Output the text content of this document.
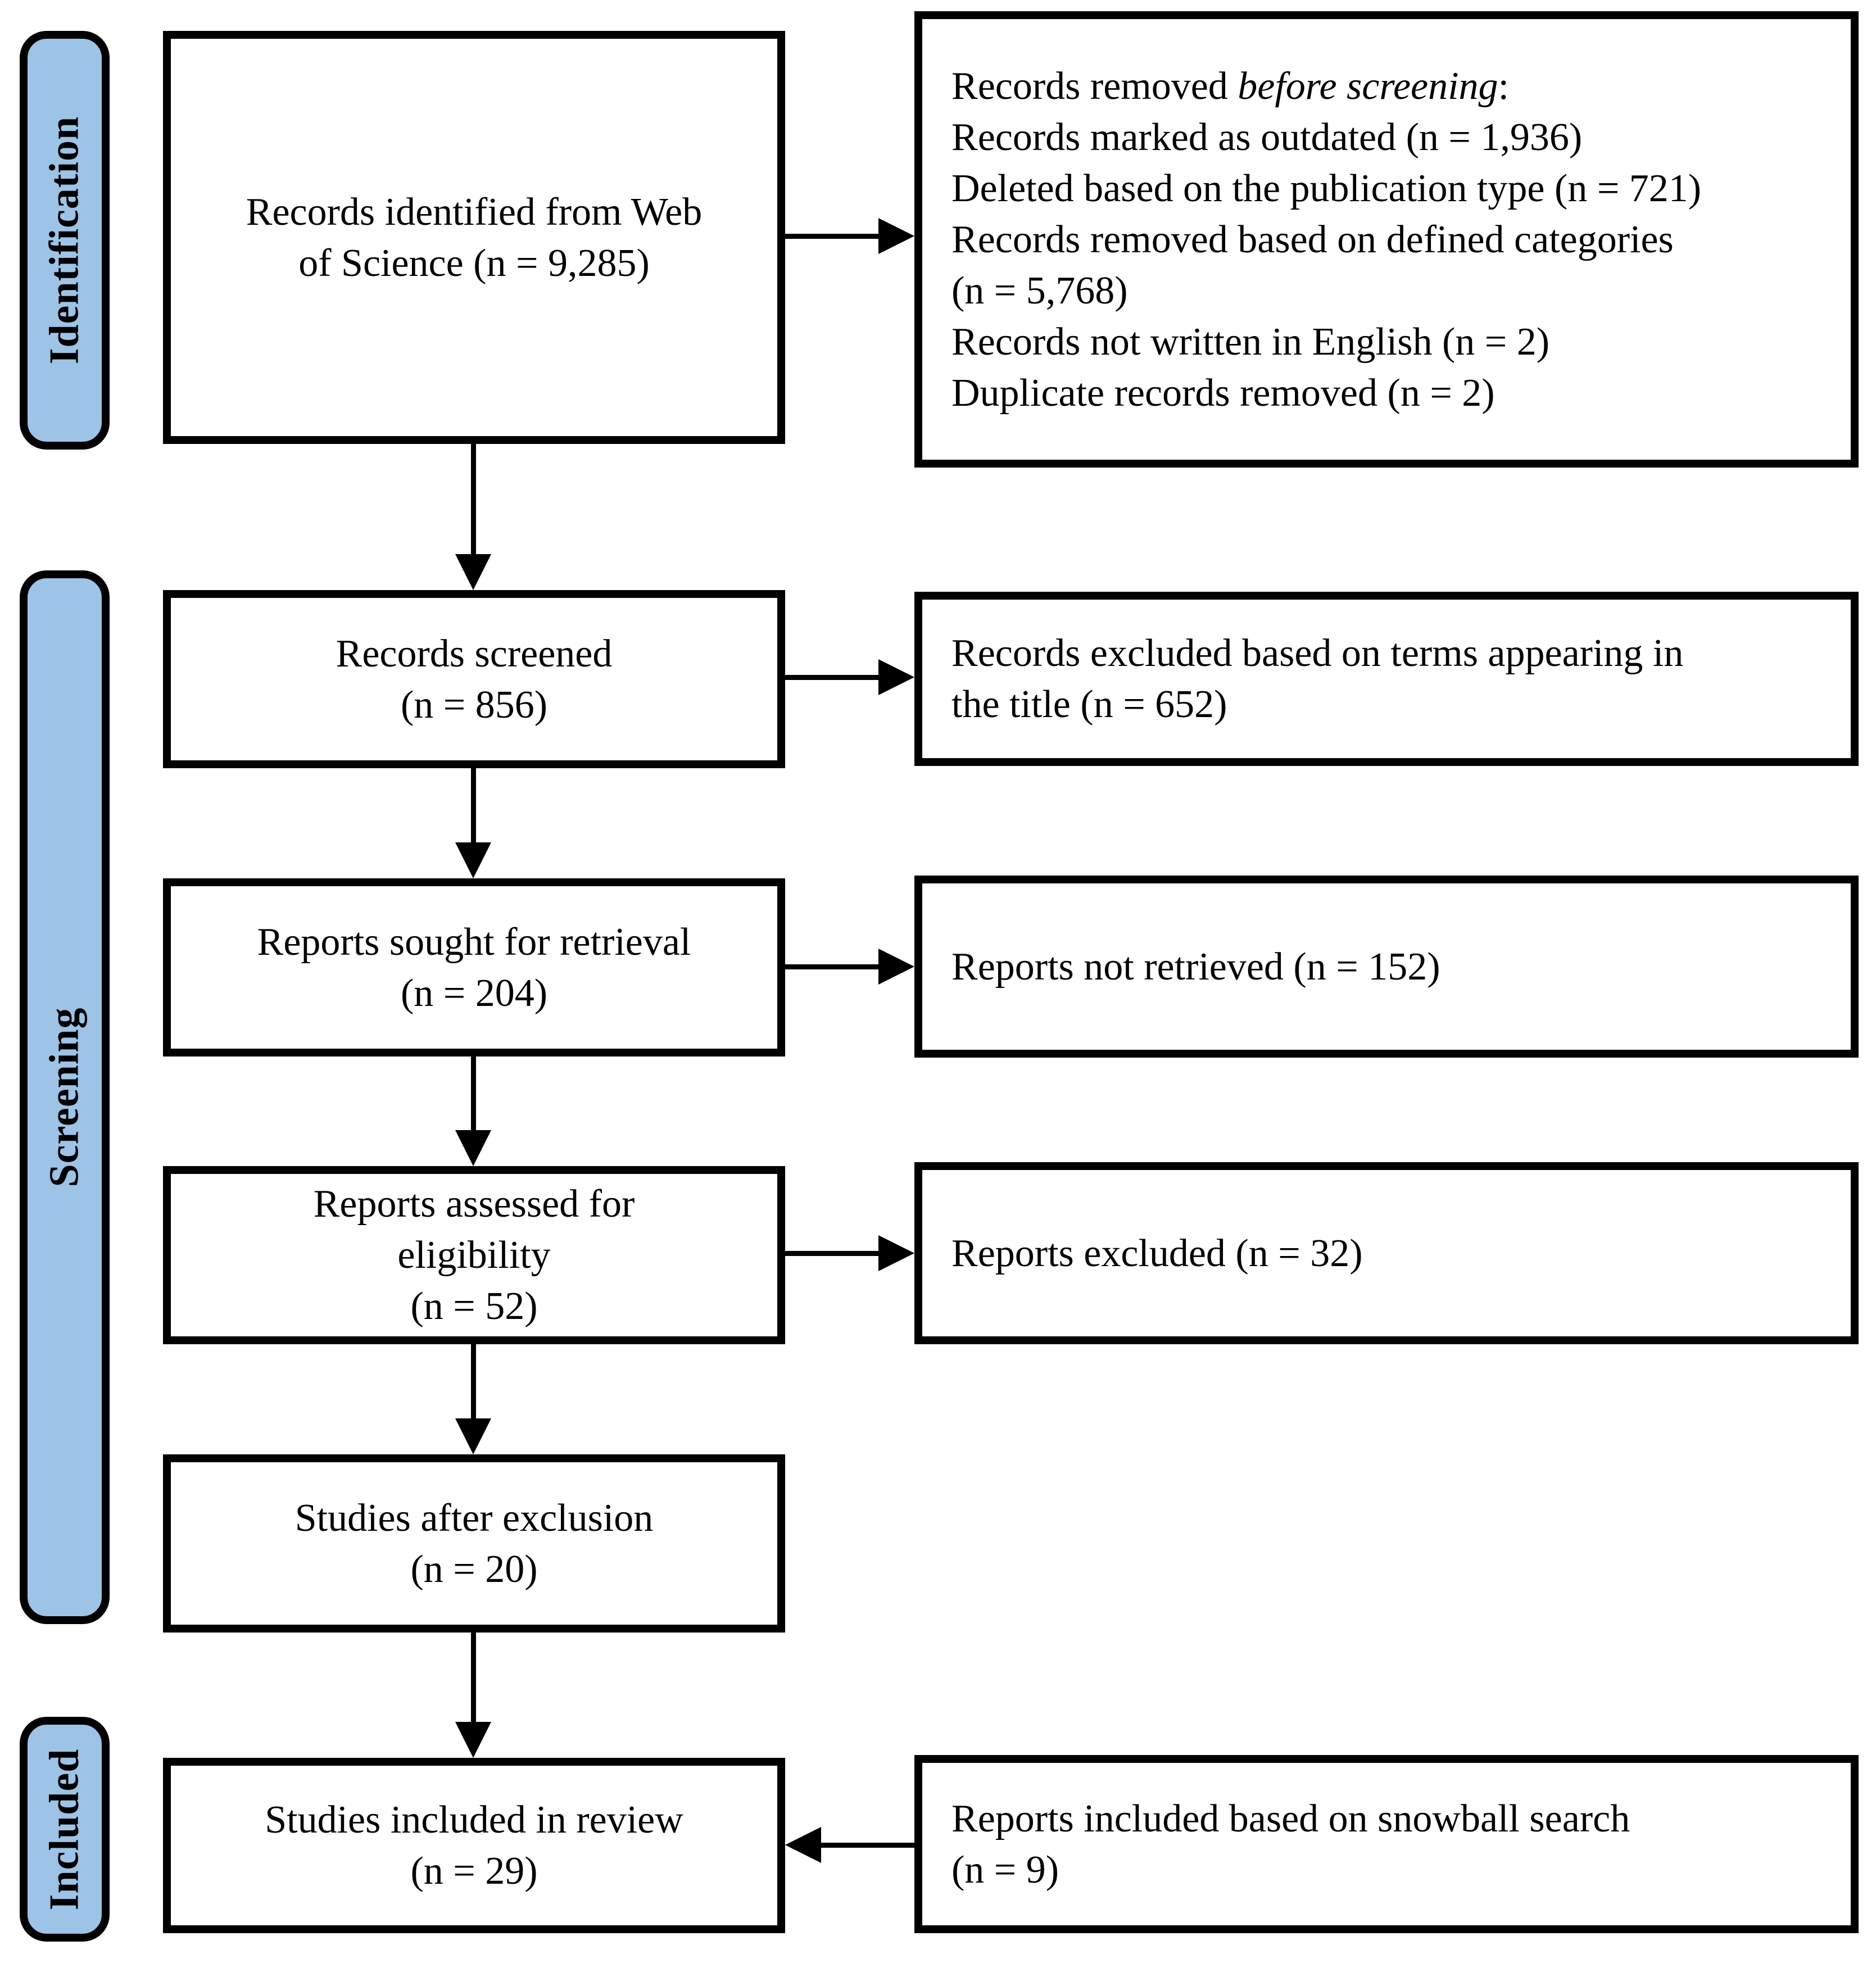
Identification
Screening
Included
Records identified from Web
of Science (n = 9,285)
Records screened
(n = 856)
Reports sought for retrieval
(n = 204)
Reports assessed for
eligibility
(n = 52)
Studies after exclusion
(n = 20)
Studies included in review
(n = 29)
Records removed before screening:
Records marked as outdated (n = 1,936)
Deleted based on the publication type (n = 721)
Records removed based on defined categories
(n = 5,768)
Records not written in English (n = 2)
Duplicate records removed (n = 2)
Records excluded based on terms appearing in
the title (n = 652)
Reports not retrieved (n = 152)
Reports excluded (n = 32)
Reports included based on snowball search
(n = 9)
